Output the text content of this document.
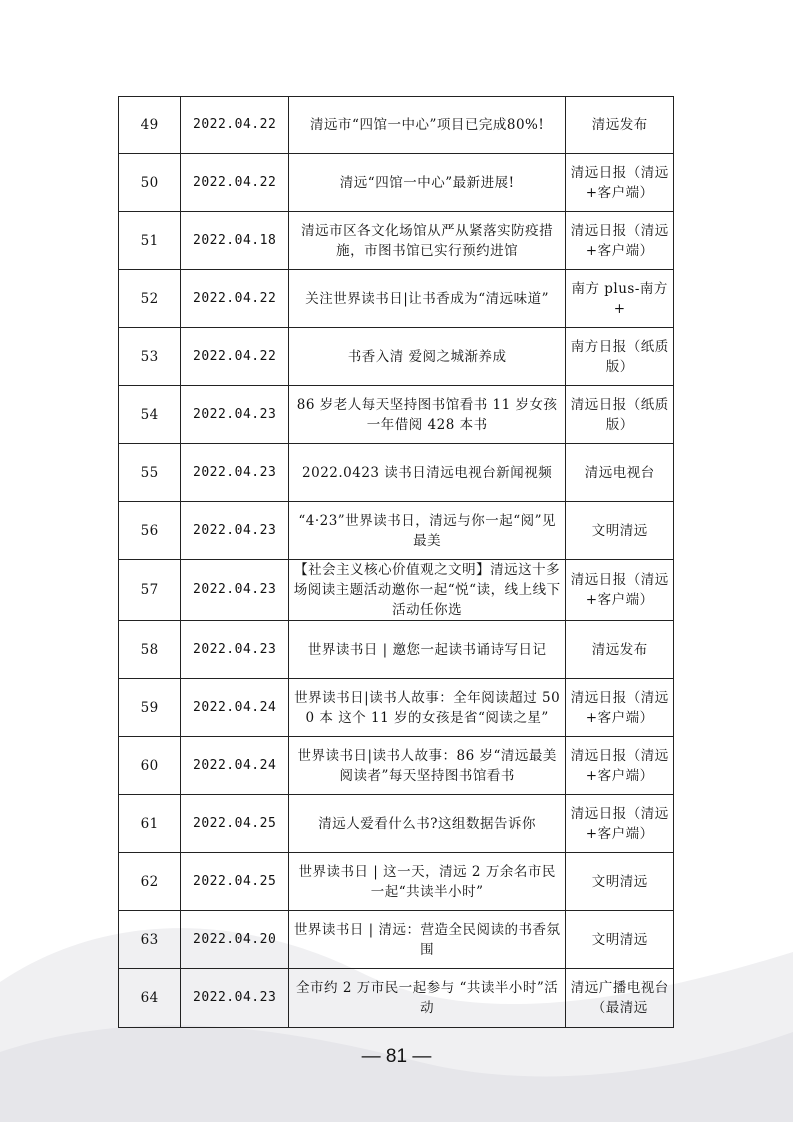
49	2022.04.22	清远市“四馆一中心”项目已完成80%!	清远发布
50	2022.04.22	清远“四馆一中心”最新进展!	清远日报（清远+客户端）
51	2022.04.18	清远市区各文化场馆从严从紧落实防疫措施，市图书馆已实行预约进馆	清远日报（清远+客户端）
52	2022.04.22	关注世界读书日|让书香成为“清远味道”	南方 plus-南方+
53	2022.04.22	书香入清 爱阅之城渐养成	南方日报（纸质版）
54	2022.04.23	86 岁老人每天坚持图书馆看书 11 岁女孩一年借阅 428 本书	清远日报（纸质版）
55	2022.04.23	2022.0423 读书日清远电视台新闻视频	清远电视台
56	2022.04.23	“4·23”世界读书日，清远与你一起“阅”见最美	文明清远
57	2022.04.23	【社会主义核心价值观之文明】清远这十多场阅读主题活动邀你一起“悦“读，线上线下活动任你选	清远日报（清远+客户端）
58	2022.04.23	世界读书日 | 邀您一起读书诵诗写日记	清远发布
59	2022.04.24	世界读书日|读书人故事：全年阅读超过 500 本 这个 11 岁的女孩是省“阅读之星”	清远日报（清远+客户端）
60	2022.04.24	世界读书日|读书人故事：86 岁“清远最美阅读者”每天坚持图书馆看书	清远日报（清远+客户端）
61	2022.04.25	清远人爱看什么书?这组数据告诉你	清远日报（清远+客户端）
62	2022.04.25	世界读书日 | 这一天，清远 2 万余名市民一起“共读半小时”	文明清远
63	2022.04.20	世界读书日 | 清远：营造全民阅读的书香氛围	文明清远
64	2022.04.23	全市约 2 万市民一起参与 “共读半小时”活动	清远广播电视台（最清远
— 81 —
